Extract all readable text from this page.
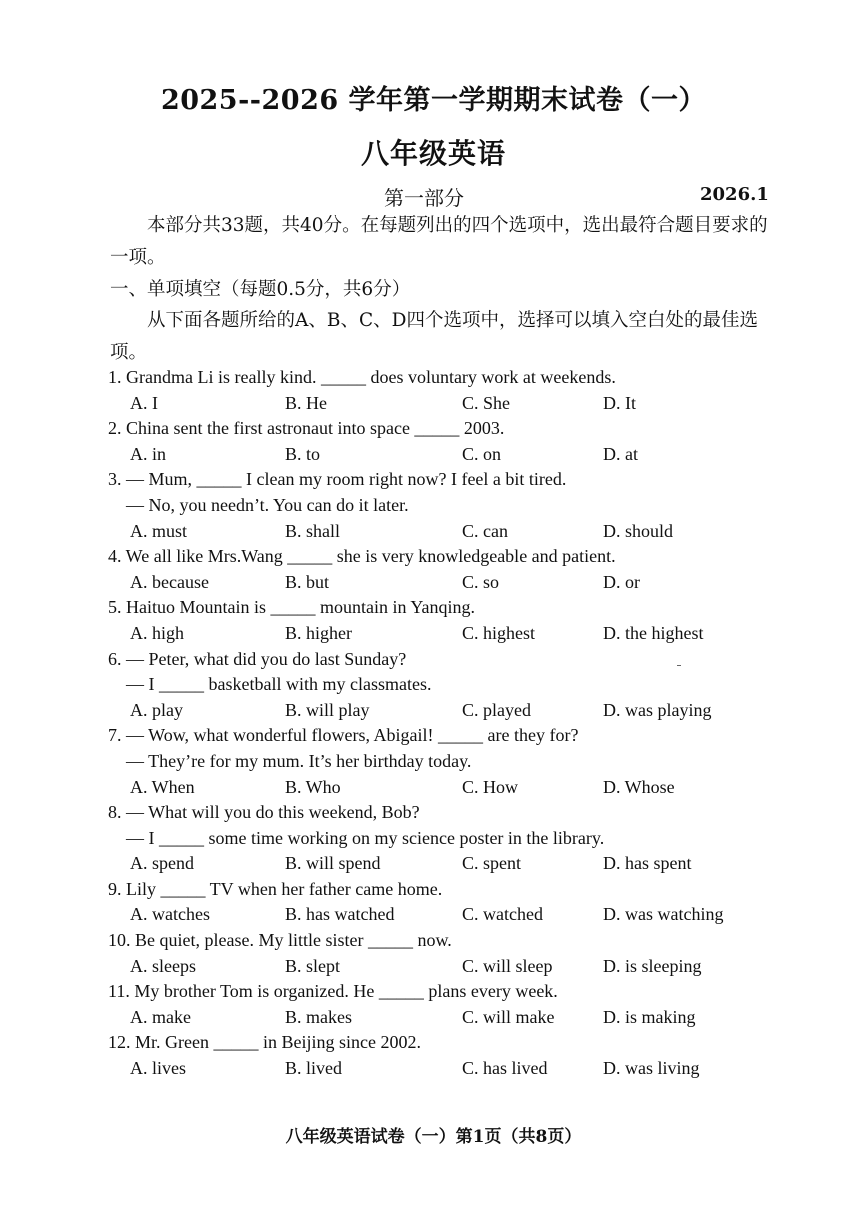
2025--2026 学年第一学期期末试卷（一）
八年级英语
第一部分	2026.1
本部分共33题，共40分。在每题列出的四个选项中，选出最符合题目要求的一项。
一、单项填空（每题0.5分，共6分）
从下面各题所给的A、B、C、D四个选项中，选择可以填入空白处的最佳选项。
1. Grandma Li is really kind. _____ does voluntary work at weekends.
A. I	B. He	C. She	D. It
2. China sent the first astronaut into space _____ 2003.
A. in	B. to	C. on	D. at
3. — Mum, _____ I clean my room right now? I feel a bit tired.
— No, you needn’t. You can do it later.
A. must	B. shall	C. can	D. should
4. We all like Mrs.Wang _____ she is very knowledgeable and patient.
A. because	B. but	C. so	D. or
5. Haituo Mountain is _____ mountain in Yanqing.
A. high	B. higher	C. highest	D. the highest
6. — Peter, what did you do last Sunday?
— I _____ basketball with my classmates.
A. play	B. will play	C. played	D. was playing
7. — Wow, what wonderful flowers, Abigail! _____ are they for?
— They’re for my mum. It’s her birthday today.
A. When	B. Who	C. How	D. Whose
8. — What will you do this weekend, Bob?
— I _____ some time working on my science poster in the library.
A. spend	B. will spend	C. spent	D. has spent
9. Lily _____ TV when her father came home.
A. watches	B. has watched	C. watched	D. was watching
10. Be quiet, please. My little sister _____ now.
A. sleeps	B. slept	C. will sleep	D. is sleeping
11. My brother Tom is organized. He _____ plans every week.
A. make	B. makes	C. will make	D. is making
12. Mr. Green _____ in Beijing since 2002.
A. lives	B. lived	C. has lived	D. was living
八年级英语试卷（一）第1页（共8页）
